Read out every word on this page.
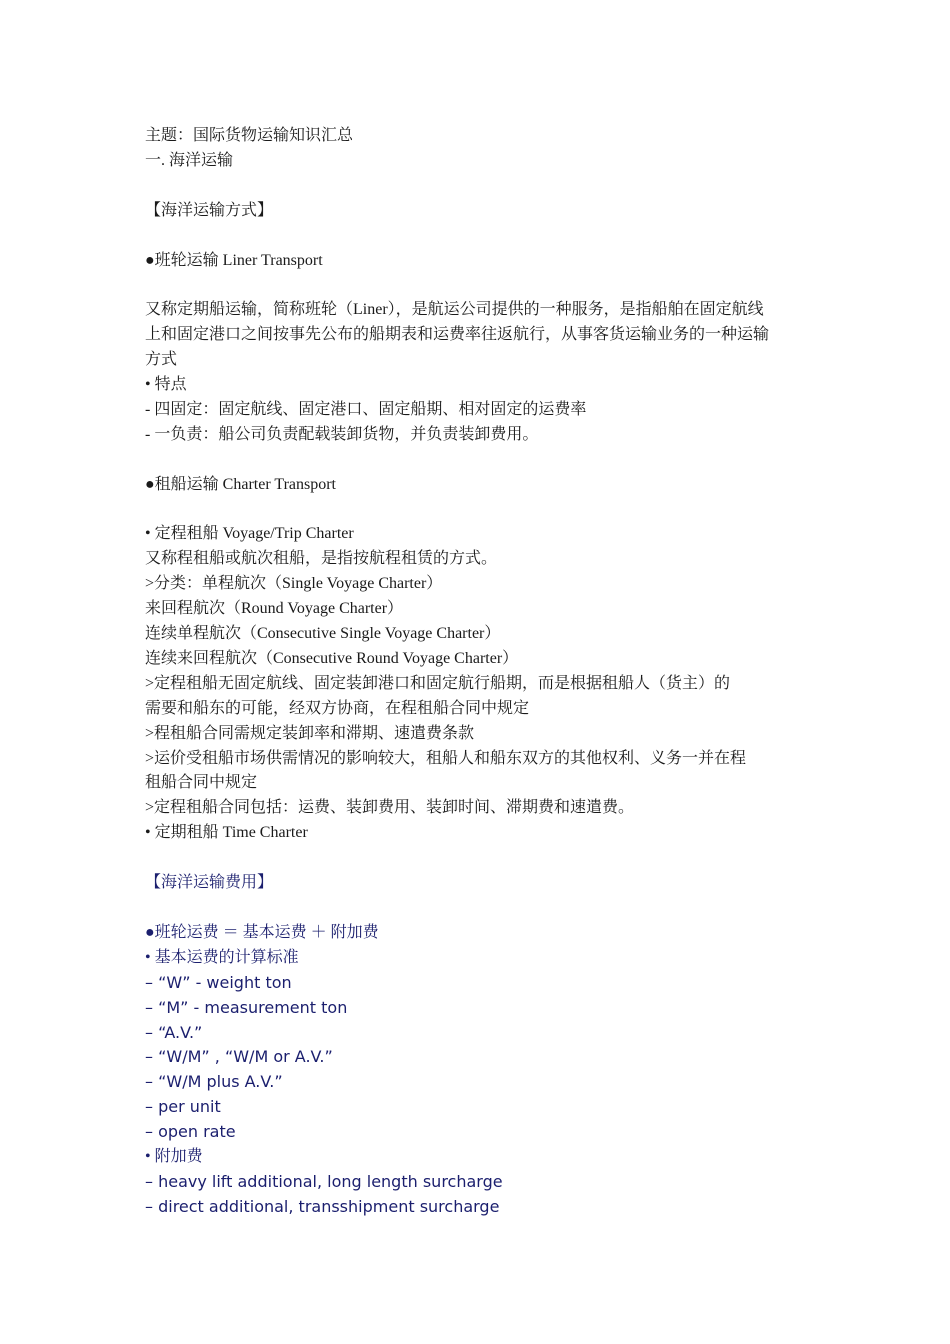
主题：国际货物运输知识汇总
一. 海洋运输
【海洋运输方式】
●班轮运输 Liner Transport
又称定期船运输，简称班轮（Liner），是航运公司提供的一种服务，是指船舶在固定航线
上和固定港口之间按事先公布的船期表和运费率往返航行，从事客货运输业务的一种运输
方式
• 特点
- 四固定：固定航线、固定港口、固定船期、相对固定的运费率
- 一负责：船公司负责配载装卸货物，并负责装卸费用。
●租船运输 Charter Transport
• 定程租船 Voyage/Trip Charter
又称程租船或航次租船，是指按航程租赁的方式。
>分类：单程航次（Single Voyage Charter）
来回程航次（Round Voyage Charter）
连续单程航次（Consecutive Single Voyage Charter）
连续来回程航次（Consecutive Round Voyage Charter）
>定程租船无固定航线、固定装卸港口和固定航行船期，而是根据租船人（货主）的
需要和船东的可能，经双方协商，在程租船合同中规定
>程租船合同需规定装卸率和滞期、速遣费条款
>运价受租船市场供需情况的影响较大，租船人和船东双方的其他权利、义务一并在程
租船合同中规定
>定程租船合同包括：运费、装卸费用、装卸时间、滞期费和速遣费。
• 定期租船 Time Charter
【海洋运输费用】
●班轮运费 ＝ 基本运费 ＋ 附加费
• 基本运费的计算标准
– “W” - weight ton
– “M” - measurement ton
– “A.V.”
– “W/M” , “W/M or A.V.”
– “W/M plus A.V.”
– per unit
– open rate
• 附加费
– heavy lift additional, long length surcharge
– direct additional, transshipment surcharge
